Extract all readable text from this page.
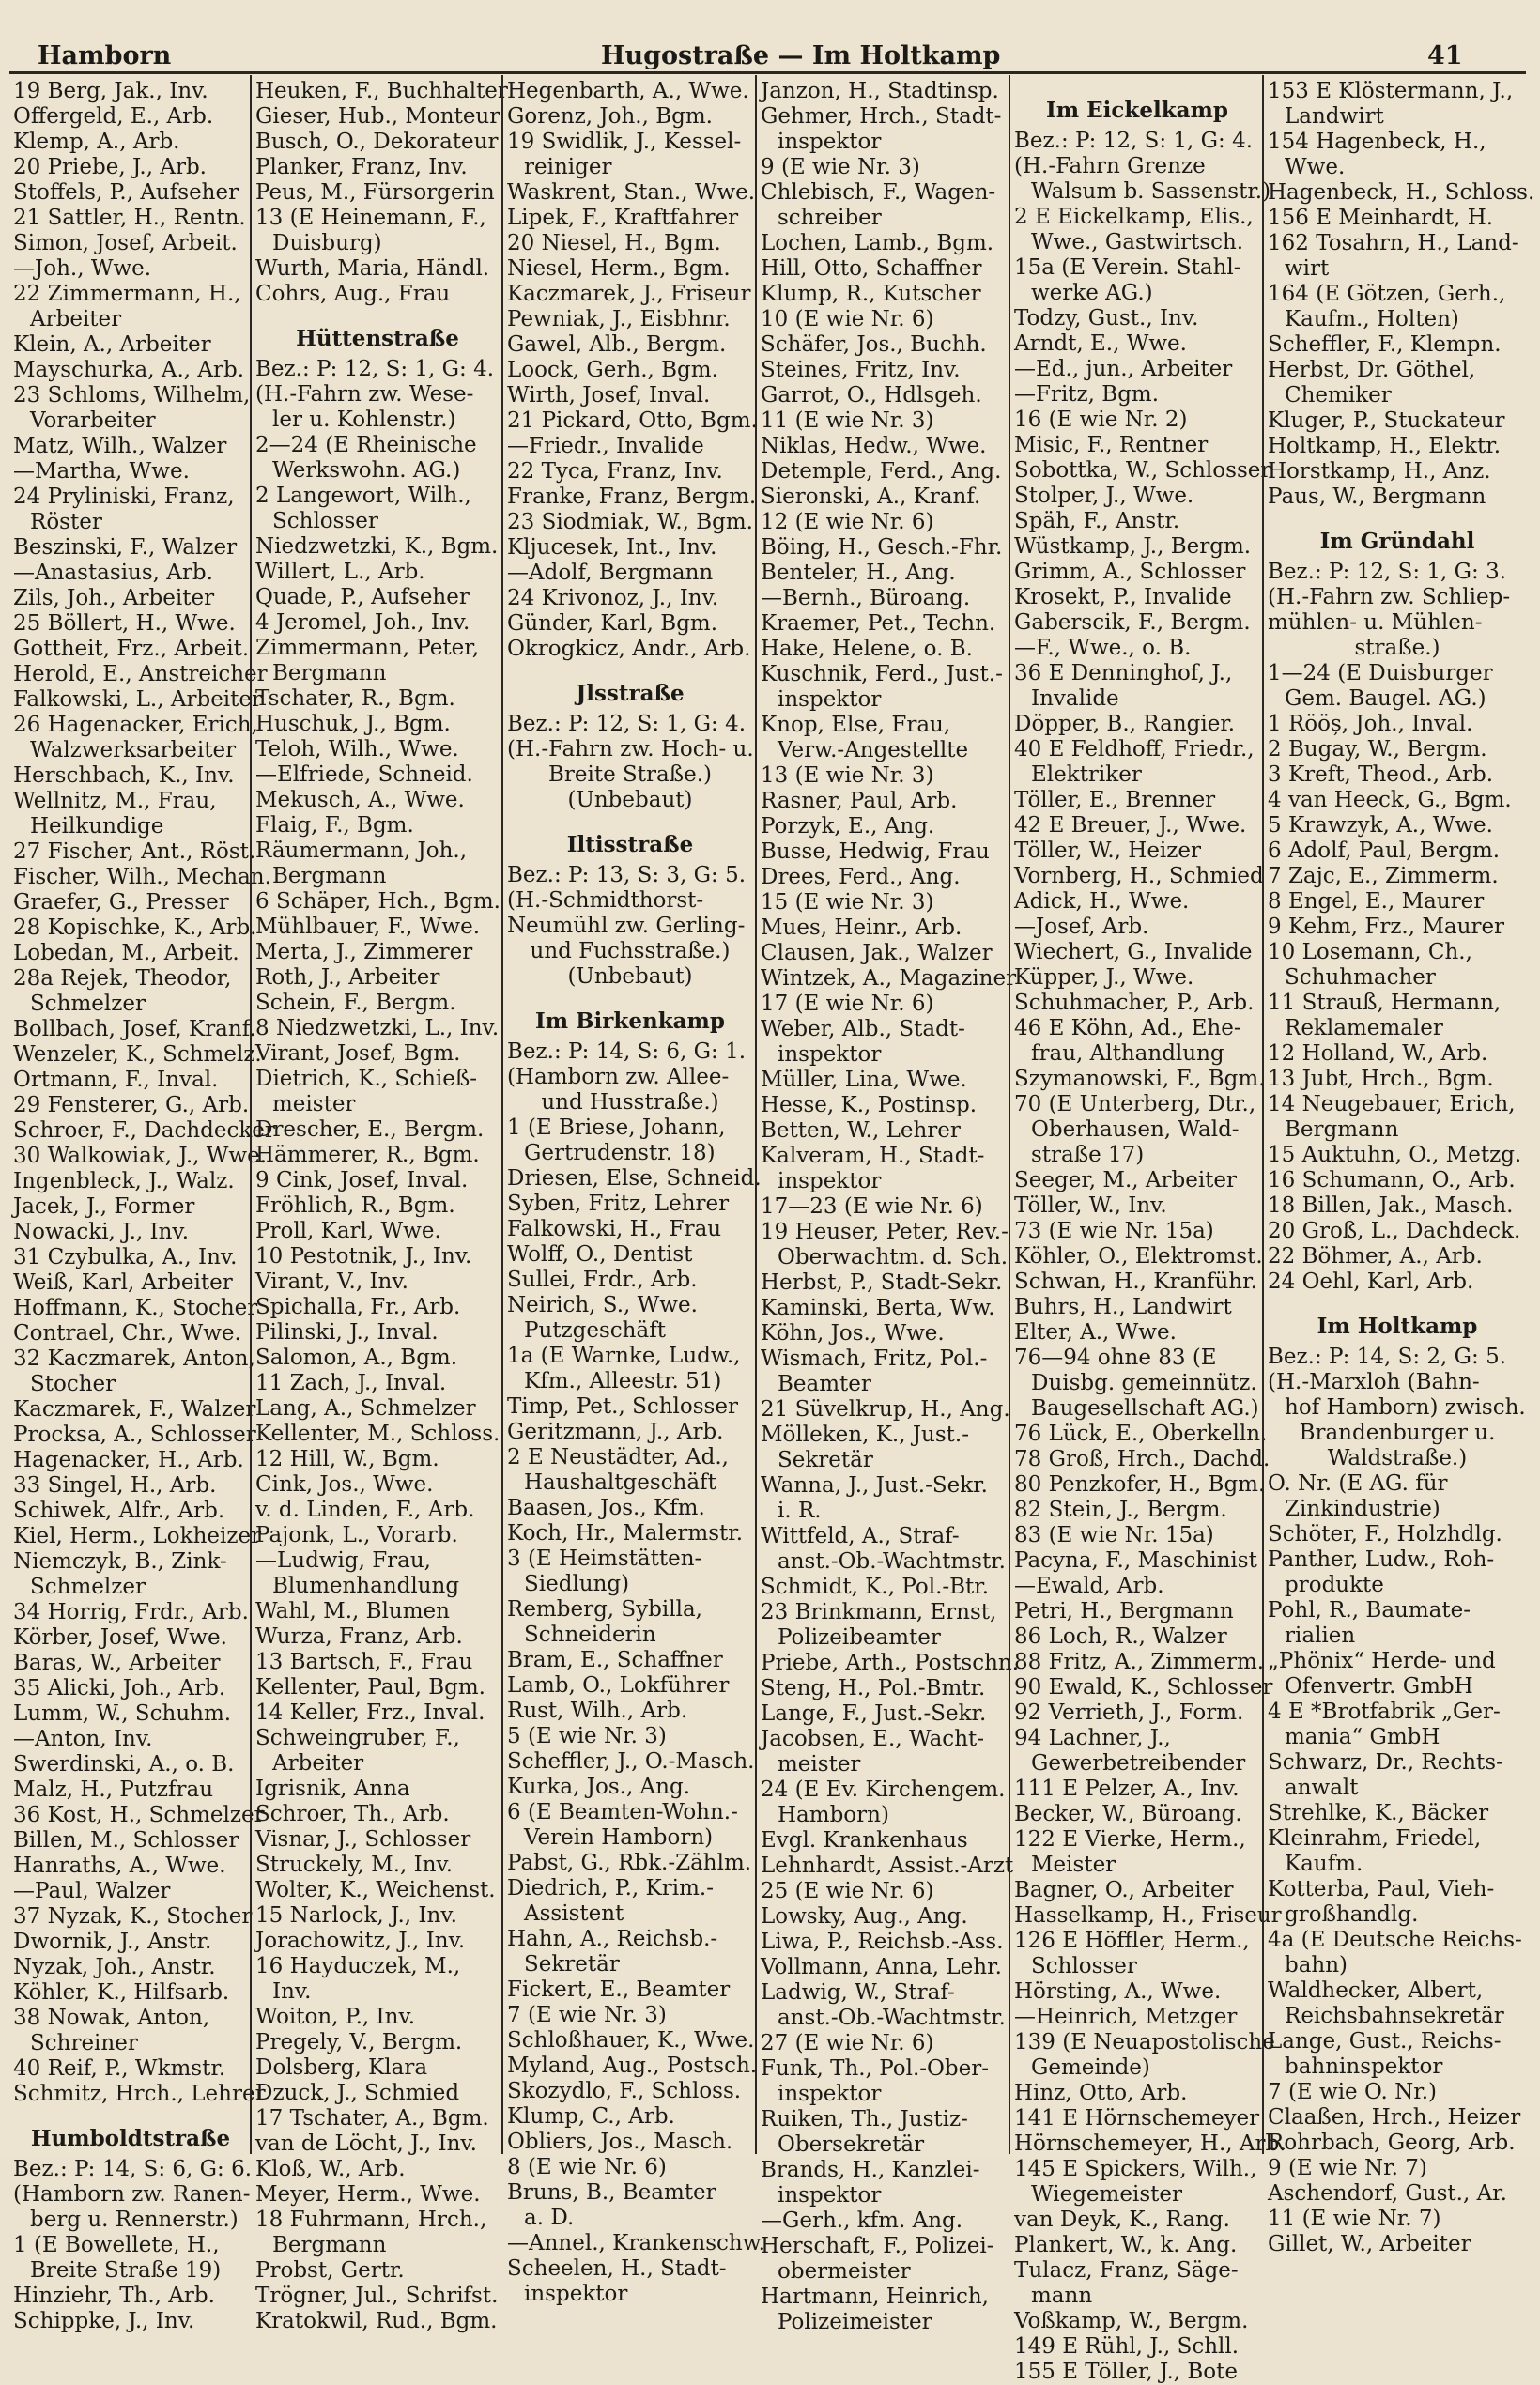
Hamborn	Hugostraße — Im Holtkamp	41
19 Berg, Jak., Inv.
Offergeld, E., Arb.
Klemp, A., Arb.
20 Priebe, J., Arb.
Stoffels, P., Aufseher
21 Sattler, H., Rentn.
Simon, Josef, Arbeit.
—Joh., Wwe.
22 Zimmermann, H.,
Arbeiter
Klein, A., Arbeiter
Mayschurka, A., Arb.
23 Schloms, Wilhelm,
Vorarbeiter
Matz, Wilh., Walzer
—Martha, Wwe.
24 Pryliniski, Franz,
Röster
Beszinski, F., Walzer
—Anastasius, Arb.
Zils, Joh., Arbeiter
25 Böllert, H., Wwe.
Gottheit, Frz., Arbeit.
Herold, E., Anstreicher
Falkowski, L., Arbeiter
26 Hagenacker, Erich,
Walzwerksarbeiter
Herschbach, K., Inv.
Wellnitz, M., Frau,
Heilkundige
27 Fischer, Ant., Röst.
Fischer, Wilh., Mechan.
Graefer, G., Presser
28 Kopischke, K., Arb.
Lobedan, M., Arbeit.
28a Rejek, Theodor,
Schmelzer
Bollbach, Josef, Kranf.
Wenzeler, K., Schmelz.
Ortmann, F., Inval.
29 Fensterer, G., Arb.
Schroer, F., Dachdecker
30 Walkowiak, J., Wwe.
Ingenbleck, J., Walz.
Jacek, J., Former
Nowacki, J., Inv.
31 Czybulka, A., Inv.
Weiß, Karl, Arbeiter
Hoffmann, K., Stocher
Contrael, Chr., Wwe.
32 Kaczmarek, Anton,
Stocher
Kaczmarek, F., Walzer
Procksa, A., Schlosser
Hagenacker, H., Arb.
33 Singel, H., Arb.
Schiwek, Alfr., Arb.
Kiel, Herm., Lokheizer
Niemczyk, B., Zink-
Schmelzer
34 Horrig, Frdr., Arb.
Körber, Josef, Wwe.
Baras, W., Arbeiter
35 Alicki, Joh., Arb.
Lumm, W., Schuhm.
—Anton, Inv.
Swerdinski, A., o. B.
Malz, H., Putzfrau
36 Kost, H., Schmelzer
Billen, M., Schlosser
Hanraths, A., Wwe.
—Paul, Walzer
37 Nyzak, K., Stocher
Dwornik, J., Anstr.
Nyzak, Joh., Anstr.
Köhler, K., Hilfsarb.
38 Nowak, Anton,
Schreiner
40 Reif, P., Wkmstr.
Schmitz, Hrch., Lehrer
Humboldtstraße
Bez.: P: 14, S: 6, G: 6.
(Hamborn zw. Ranen-
berg u. Rennerstr.)
1 (E Bowellete, H.,
Breite Straße 19)
Hinziehr, Th., Arb.
Schippke, J., Inv.
Heuken, F., Buchhalter
Gieser, Hub., Monteur
Busch, O., Dekorateur
Planker, Franz, Inv.
Peus, M., Fürsorgerin
13 (E Heinemann, F.,
Duisburg)
Wurth, Maria, Händl.
Cohrs, Aug., Frau
Hüttenstraße
Bez.: P: 12, S: 1, G: 4.
(H.-Fahrn zw. Wese-
ler u. Kohlenstr.)
2—24 (E Rheinische
Werkswohn. AG.)
2 Langewort, Wilh.,
Schlosser
Niedzwetzki, K., Bgm.
Willert, L., Arb.
Quade, P., Aufseher
4 Jeromel, Joh., Inv.
Zimmermann, Peter,
Bergmann
Tschater, R., Bgm.
Huschuk, J., Bgm.
Teloh, Wilh., Wwe.
—Elfriede, Schneid.
Mekusch, A., Wwe.
Flaig, F., Bgm.
Räumermann, Joh.,
Bergmann
6 Schäper, Hch., Bgm.
Mühlbauer, F., Wwe.
Merta, J., Zimmerer
Roth, J., Arbeiter
Schein, F., Bergm.
8 Niedzwetzki, L., Inv.
Virant, Josef, Bgm.
Dietrich, K., Schieß-
meister
Drescher, E., Bergm.
Hämmerer, R., Bgm.
9 Cink, Josef, Inval.
Fröhlich, R., Bgm.
Proll, Karl, Wwe.
10 Pestotnik, J., Inv.
Virant, V., Inv.
Spichalla, Fr., Arb.
Pilinski, J., Inval.
Salomon, A., Bgm.
11 Zach, J., Inval.
Lang, A., Schmelzer
Kellenter, M., Schloss.
12 Hill, W., Bgm.
Cink, Jos., Wwe.
v. d. Linden, F., Arb.
Pajonk, L., Vorarb.
—Ludwig, Frau,
Blumenhandlung
Wahl, M., Blumen
Wurza, Franz, Arb.
13 Bartsch, F., Frau
Kellenter, Paul, Bgm.
14 Keller, Frz., Inval.
Schweingruber, F.,
Arbeiter
Igrisnik, Anna
Schroer, Th., Arb.
Visnar, J., Schlosser
Struckely, M., Inv.
Wolter, K., Weichenst.
15 Narlock, J., Inv.
Jorachowitz, J., Inv.
16 Hayduczek, M.,
Inv.
Woiton, P., Inv.
Pregely, V., Bergm.
Dolsberg, Klara
Dzuck, J., Schmied
17 Tschater, A., Bgm.
van de Löcht, J., Inv.
Kloß, W., Arb.
Meyer, Herm., Wwe.
18 Fuhrmann, Hrch.,
Bergmann
Probst, Gertr.
Trögner, Jul., Schrifst.
Kratokwil, Rud., Bgm.
Hegenbarth, A., Wwe.
Gorenz, Joh., Bgm.
19 Swidlik, J., Kessel-
reiniger
Waskrent, Stan., Wwe.
Lipek, F., Kraftfahrer
20 Niesel, H., Bgm.
Niesel, Herm., Bgm.
Kaczmarek, J., Friseur
Pewniak, J., Eisbhnr.
Gawel, Alb., Bergm.
Loock, Gerh., Bgm.
Wirth, Josef, Inval.
21 Pickard, Otto, Bgm.
—Friedr., Invalide
22 Tyca, Franz, Inv.
Franke, Franz, Bergm.
23 Siodmiak, W., Bgm.
Kljucesek, Int., Inv.
—Adolf, Bergmann
24 Krivonoz, J., Inv.
Günder, Karl, Bgm.
Okrogkicz, Andr., Arb.
Jlsstraße
Bez.: P: 12, S: 1, G: 4.
(H.-Fahrn zw. Hoch- u.
Breite Straße.)
(Unbebaut)
Iltisstraße
Bez.: P: 13, S: 3, G: 5.
(H.-Schmidthorst-
Neumühl zw. Gerling-
und Fuchsstraße.)
(Unbebaut)
Im Birkenkamp
Bez.: P: 14, S: 6, G: 1.
(Hamborn zw. Allee-
und Husstraße.)
1 (E Briese, Johann,
Gertrudenstr. 18)
Driesen, Else, Schneid.
Syben, Fritz, Lehrer
Falkowski, H., Frau
Wolff, O., Dentist
Sullei, Frdr., Arb.
Neirich, S., Wwe.
Putzgeschäft
1a (E Warnke, Ludw.,
Kfm., Alleestr. 51)
Timp, Pet., Schlosser
Geritzmann, J., Arb.
2 E Neustädter, Ad.,
Haushaltgeschäft
Baasen, Jos., Kfm.
Koch, Hr., Malermstr.
3 (E Heimstätten-
Siedlung)
Remberg, Sybilla,
Schneiderin
Bram, E., Schaffner
Lamb, O., Lokführer
Rust, Wilh., Arb.
5 (E wie Nr. 3)
Scheffler, J., O.-Masch.
Kurka, Jos., Ang.
6 (E Beamten-Wohn.-
Verein Hamborn)
Pabst, G., Rbk.-Zählm.
Diedrich, P., Krim.-
Assistent
Hahn, A., Reichsb.-
Sekretär
Fickert, E., Beamter
7 (E wie Nr. 3)
Schloßhauer, K., Wwe.
Myland, Aug., Postsch.
Skozydlo, F., Schloss.
Klump, C., Arb.
Obliers, Jos., Masch.
8 (E wie Nr. 6)
Bruns, B., Beamter
a. D.
—Annel., Krankenschw.
Scheelen, H., Stadt-
inspektor
Janzon, H., Stadtinsp.
Gehmer, Hrch., Stadt-
inspektor
9 (E wie Nr. 3)
Chlebisch, F., Wagen-
schreiber
Lochen, Lamb., Bgm.
Hill, Otto, Schaffner
Klump, R., Kutscher
10 (E wie Nr. 6)
Schäfer, Jos., Buchh.
Steines, Fritz, Inv.
Garrot, O., Hdlsgeh.
11 (E wie Nr. 3)
Niklas, Hedw., Wwe.
Detemple, Ferd., Ang.
Sieronski, A., Kranf.
12 (E wie Nr. 6)
Böing, H., Gesch.-Fhr.
Benteler, H., Ang.
—Bernh., Büroang.
Kraemer, Pet., Techn.
Hake, Helene, o. B.
Kuschnik, Ferd., Just.-
inspektor
Knop, Else, Frau,
Verw.-Angestellte
13 (E wie Nr. 3)
Rasner, Paul, Arb.
Porzyk, E., Ang.
Busse, Hedwig, Frau
Drees, Ferd., Ang.
15 (E wie Nr. 3)
Mues, Heinr., Arb.
Clausen, Jak., Walzer
Wintzek, A., Magaziner
17 (E wie Nr. 6)
Weber, Alb., Stadt-
inspektor
Müller, Lina, Wwe.
Hesse, K., Postinsp.
Betten, W., Lehrer
Kalveram, H., Stadt-
inspektor
17—23 (E wie Nr. 6)
19 Heuser, Peter, Rev.-
Oberwachtm. d. Sch.
Herbst, P., Stadt-Sekr.
Kaminski, Berta, Ww.
Köhn, Jos., Wwe.
Wismach, Fritz, Pol.-
Beamter
21 Süvelkrup, H., Ang.
Mölleken, K., Just.-
Sekretär
Wanna, J., Just.-Sekr.
i. R.
Wittfeld, A., Straf-
anst.-Ob.-Wachtmstr.
Schmidt, K., Pol.-Btr.
23 Brinkmann, Ernst,
Polizeibeamter
Priebe, Arth., Postschn.
Steng, H., Pol.-Bmtr.
Lange, F., Just.-Sekr.
Jacobsen, E., Wacht-
meister
24 (E Ev. Kirchengem.
Hamborn)
Evgl. Krankenhaus
Lehnhardt, Assist.-Arzt
25 (E wie Nr. 6)
Lowsky, Aug., Ang.
Liwa, P., Reichsb.-Ass.
Vollmann, Anna, Lehr.
Ladwig, W., Straf-
anst.-Ob.-Wachtmstr.
27 (E wie Nr. 6)
Funk, Th., Pol.-Ober-
inspektor
Ruiken, Th., Justiz-
Obersekretär
Brands, H., Kanzlei-
inspektor
—Gerh., kfm. Ang.
Herschaft, F., Polizei-
obermeister
Hartmann, Heinrich,
Polizeimeister
Im Eickelkamp
Bez.: P: 12, S: 1, G: 4.
(H.-Fahrn Grenze
Walsum b. Sassenstr.)
2 E Eickelkamp, Elis.,
Wwe., Gastwirtsch.
15a (E Verein. Stahl-
werke AG.)
Todzy, Gust., Inv.
Arndt, E., Wwe.
—Ed., jun., Arbeiter
—Fritz, Bgm.
16 (E wie Nr. 2)
Misic, F., Rentner
Sobottka, W., Schlosser
Stolper, J., Wwe.
Späh, F., Anstr.
Wüstkamp, J., Bergm.
Grimm, A., Schlosser
Krosekt, P., Invalide
Gaberscik, F., Bergm.
—F., Wwe., o. B.
36 E Denninghof, J.,
Invalide
Döpper, B., Rangier.
40 E Feldhoff, Friedr.,
Elektriker
Töller, E., Brenner
42 E Breuer, J., Wwe.
Töller, W., Heizer
Vornberg, H., Schmied
Adick, H., Wwe.
—Josef, Arb.
Wiechert, G., Invalide
Küpper, J., Wwe.
Schuhmacher, P., Arb.
46 E Köhn, Ad., Ehe-
frau, Althandlung
Szymanowski, F., Bgm.
70 (E Unterberg, Dtr.,
Oberhausen, Wald-
straße 17)
Seeger, M., Arbeiter
Töller, W., Inv.
73 (E wie Nr. 15a)
Köhler, O., Elektromst.
Schwan, H., Kranführ.
Buhrs, H., Landwirt
Elter, A., Wwe.
76—94 ohne 83 (E
Duisbg. gemeinnütz.
Baugesellschaft AG.)
76 Lück, E., Oberkelln.
78 Groß, Hrch., Dachd.
80 Penzkofer, H., Bgm.
82 Stein, J., Bergm.
83 (E wie Nr. 15a)
Pacyna, F., Maschinist
—Ewald, Arb.
Petri, H., Bergmann
86 Loch, R., Walzer
88 Fritz, A., Zimmerm.
90 Ewald, K., Schlosser
92 Verrieth, J., Form.
94 Lachner, J.,
Gewerbetreibender
111 E Pelzer, A., Inv.
Becker, W., Büroang.
122 E Vierke, Herm.,
Meister
Bagner, O., Arbeiter
Hasselkamp, H., Friseur
126 E Höffler, Herm.,
Schlosser
Hörsting, A., Wwe.
—Heinrich, Metzger
139 (E Neuapostolische
Gemeinde)
Hinz, Otto, Arb.
141 E Hörnschemeyer
Hörnschemeyer, H., Arb.
145 E Spickers, Wilh.,
Wiegemeister
van Deyk, K., Rang.
Plankert, W., k. Ang.
Tulacz, Franz, Säge-
mann
Voßkamp, W., Bergm.
149 E Rühl, J., Schll.
155 E Töller, J., Bote
153 E Klöstermann, J.,
Landwirt
154 Hagenbeck, H.,
Wwe.
Hagenbeck, H., Schloss.
156 E Meinhardt, H.
162 Tosahrn, H., Land-
wirt
164 (E Götzen, Gerh.,
Kaufm., Holten)
Scheffler, F., Klempn.
Herbst, Dr. Göthel,
Chemiker
Kluger, P., Stuckateur
Holtkamp, H., Elektr.
Horstkamp, H., Anz.
Paus, W., Bergmann
Im Gründahl
Bez.: P: 12, S: 1, G: 3.
(H.-Fahrn zw. Schliep-
mühlen- u. Mühlen-
straße.)
1—24 (E Duisburger
Gem. Baugel. AG.)
1 Rööș, Joh., Inval.
2 Bugay, W., Bergm.
3 Kreft, Theod., Arb.
4 van Heeck, G., Bgm.
5 Krawzyk, A., Wwe.
6 Adolf, Paul, Bergm.
7 Zajc, E., Zimmerm.
8 Engel, E., Maurer
9 Kehm, Frz., Maurer
10 Losemann, Ch.,
Schuhmacher
11 Strauß, Hermann,
Reklamemaler
12 Holland, W., Arb.
13 Jubt, Hrch., Bgm.
14 Neugebauer, Erich,
Bergmann
15 Auktuhn, O., Metzg.
16 Schumann, O., Arb.
18 Billen, Jak., Masch.
20 Groß, L., Dachdeck.
22 Böhmer, A., Arb.
24 Oehl, Karl, Arb.
Im Holtkamp
Bez.: P: 14, S: 2, G: 5.
(H.-Marxloh (Bahn-
hof Hamborn) zwisch.
Brandenburger u.
Waldstraße.)
O. Nr. (E AG. für
Zinkindustrie)
Schöter, F., Holzhdlg.
Panther, Ludw., Roh-
produkte
Pohl, R., Baumate-
rialien
„Phönix“ Herde- und
Ofenvertr. GmbH
4 E *Brotfabrik „Ger-
mania“ GmbH
Schwarz, Dr., Rechts-
anwalt
Strehlke, K., Bäcker
Kleinrahm, Friedel,
Kaufm.
Kotterba, Paul, Vieh-
großhandlg.
4a (E Deutsche Reichs-
bahn)
Waldhecker, Albert,
Reichsbahnsekretär
Lange, Gust., Reichs-
bahninspektor
7 (E wie O. Nr.)
Claaßen, Hrch., Heizer
Rohrbach, Georg, Arb.
9 (E wie Nr. 7)
Aschendorf, Gust., Ar.
11 (E wie Nr. 7)
Gillet, W., Arbeiter
